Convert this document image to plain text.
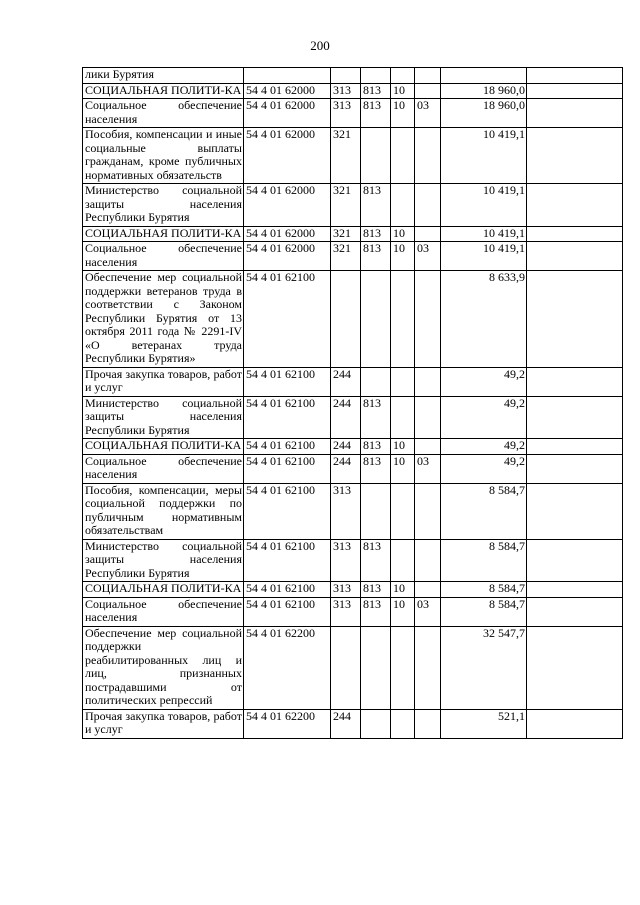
200
лики Бурятия							
СОЦИАЛЬНАЯ ПОЛИТИ-КА	54 4 01 62000	313	813	10		18 960,0	
Социальное обеспечение населения	54 4 01 62000	313	813	10	03	18 960,0	
Пособия, компенсации и иные социальные выплаты гражданам, кроме публичных нормативных обязательств	54 4 01 62000	321				10 419,1	
Министерство социальной защиты населения Республики Бурятия	54 4 01 62000	321	813			10 419,1	
СОЦИАЛЬНАЯ ПОЛИТИ-КА	54 4 01 62000	321	813	10		10 419,1	
Социальное обеспечение населения	54 4 01 62000	321	813	10	03	10 419,1	
Обеспечение мер социальной поддержки ветеранов труда в соответствии с Законом Республики Бурятия от 13 октября 2011 года № 2291-IV «О ветеранах труда Республики Бурятия»	54 4 01 62100					8 633,9	
Прочая закупка товаров, работ и услуг	54 4 01 62100	244				49,2	
Министерство социальной защиты населения Республики Бурятия	54 4 01 62100	244	813			49,2	
СОЦИАЛЬНАЯ ПОЛИТИ-КА	54 4 01 62100	244	813	10		49,2	
Социальное обеспечение населения	54 4 01 62100	244	813	10	03	49,2	
Пособия, компенсации, меры социальной поддержки по публичным нормативным обязательствам	54 4 01 62100	313				8 584,7	
Министерство социальной защиты населения Республики Бурятия	54 4 01 62100	313	813			8 584,7	
СОЦИАЛЬНАЯ ПОЛИТИ-КА	54 4 01 62100	313	813	10		8 584,7	
Социальное обеспечение населения	54 4 01 62100	313	813	10	03	8 584,7	
Обеспечение мер социальной поддержки реабилитированных лиц и лиц, признанных пострадавшими от политических репрессий	54 4 01 62200					32 547,7	
Прочая закупка товаров, работ и услуг	54 4 01 62200	244				521,1	
